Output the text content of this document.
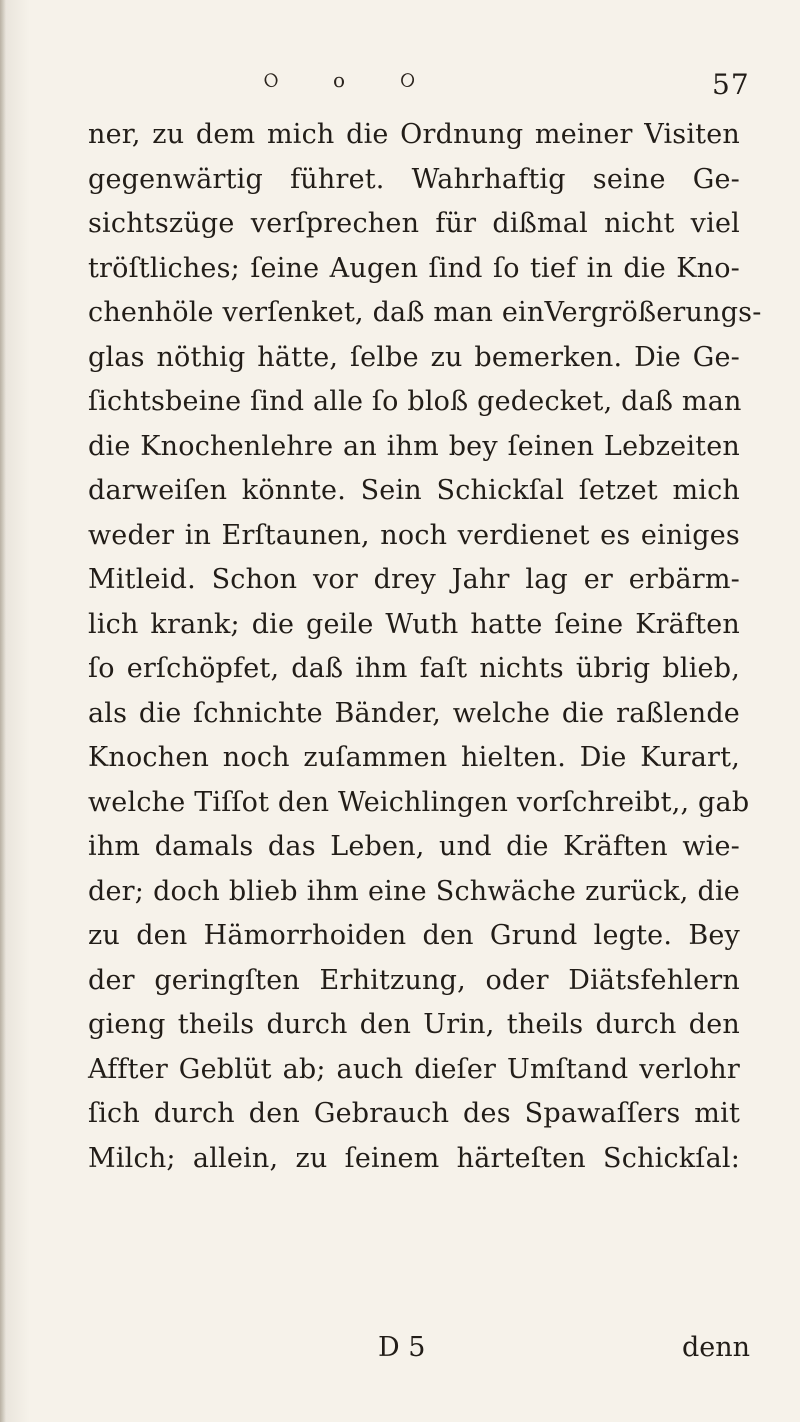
ଠ	o ଠ	57
ner, zu dem mich die Ordnung meiner Visiten
gegenwärtig führet. Wahrhaftig seine Ge-
sichtszüge verſprechen für dißmal nicht viel
tröſtliches; ſeine Augen ſind ſo tief in die Kno-
chenhöle verſenket, daß man einVergrößerungs-
glas nöthig hätte, ſelbe zu bemerken. Die Ge-
ſichtsbeine ſind alle ſo bloß gedecket, daß man
die Knochenlehre an ihm bey ſeinen Lebzeiten
darweiſen könnte. Sein Schickſal ſetzet mich
weder in Erſtaunen, noch verdienet es einiges
Mitleid. Schon vor drey Jahr lag er erbärm-
lich krank; die geile Wuth hatte ſeine Kräften
ſo erſchöpfet, daß ihm faſt nichts übrig blieb,
als die ſchnichte Bänder, welche die raßlende
Knochen noch zuſammen hielten. Die Kurart,
welche Tiſſot den Weichlingen vorſchreibt,, gab
ihm damals das Leben, und die Kräften wie-
der; doch blieb ihm eine Schwäche zurück, die
zu den Hämorrhoiden den Grund legte. Bey
der geringſten Erhitzung, oder Diätsfehlern
gieng theils durch den Urin, theils durch den
Affter Geblüt ab; auch dieſer Umſtand verlohr
ſich durch den Gebrauch des Spawaſſers mit
Milch; allein, zu ſeinem härteſten Schickſal:
D 5	denn
